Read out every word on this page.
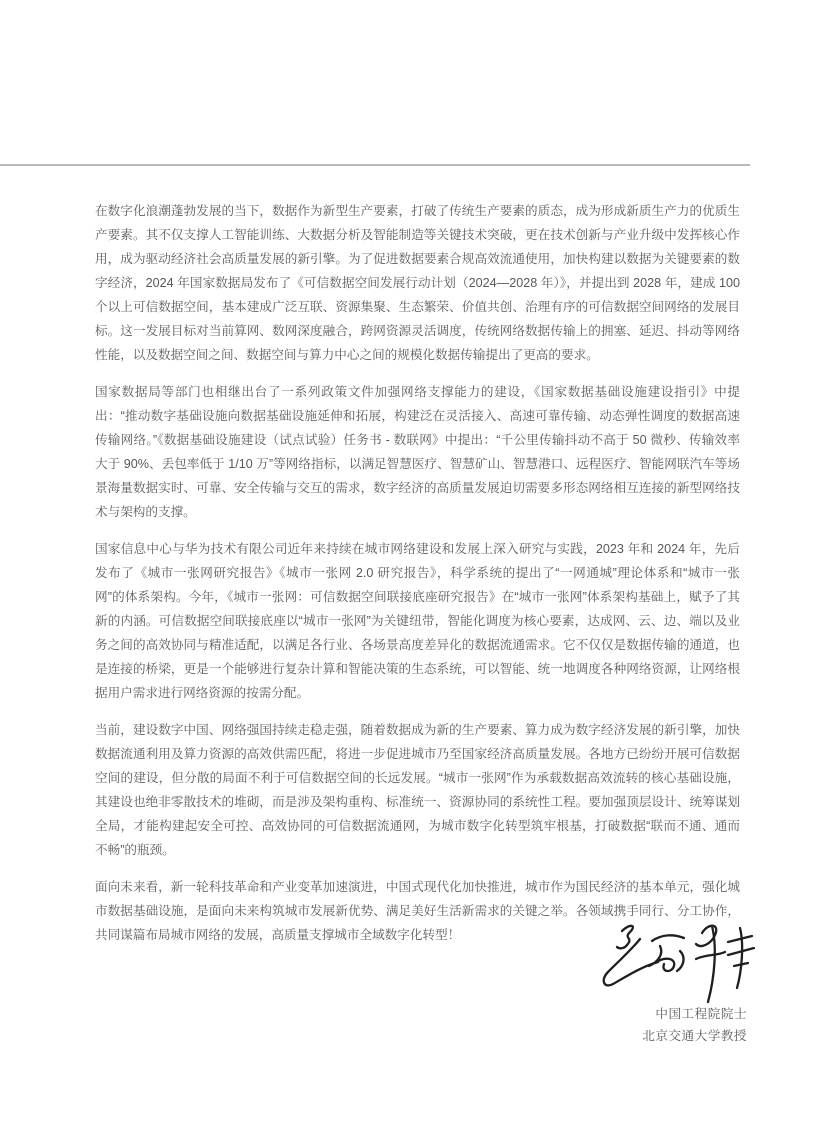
在数字化浪潮蓬勃发展的当下，数据作为新型生产要素，打破了传统生产要素的质态，成为形成新质生产力的优质生产要素。其不仅支撑人工智能训练、大数据分析及智能制造等关键技术突破，更在技术创新与产业升级中发挥核心作用，成为驱动经济社会高质量发展的新引擎。为了促进数据要素合规高效流通使用，加快构建以数据为关键要素的数字经济，2024 年国家数据局发布了《可信数据空间发展行动计划（2024—2028 年）》，并提出到 2028 年，建成 100 个以上可信数据空间，基本建成广泛互联、资源集聚、生态繁荣、价值共创、治理有序的可信数据空间网络的发展目标。这一发展目标对当前算网、数网深度融合，跨网资源灵活调度，传统网络数据传输上的拥塞、延迟、抖动等网络性能，以及数据空间之间、数据空间与算力中心之间的规模化数据传输提出了更高的要求。

国家数据局等部门也相继出台了一系列政策文件加强网络支撑能力的建设，《国家数据基础设施建设指引》中提出：“推动数字基础设施向数据基础设施延伸和拓展，构建泛在灵活接入、高速可靠传输、动态弹性调度的数据高速传输网络。”《数据基础设施建设（试点试验）任务书 - 数联网》中提出：“千公里传输抖动不高于 50 微秒、传输效率大于 90%、丢包率低于 1/10 万”等网络指标，以满足智慧医疗、智慧矿山、智慧港口、远程医疗、智能网联汽车等场景海量数据实时、可靠、安全传输与交互的需求，数字经济的高质量发展迫切需要多形态网络相互连接的新型网络技术与架构的支撑。

国家信息中心与华为技术有限公司近年来持续在城市网络建设和发展上深入研究与实践，2023 年和 2024 年，先后发布了《城市一张网研究报告》《城市一张网 2.0 研究报告》，科学系统的提出了“一网通城”理论体系和“城市一张网”的体系架构。今年，《城市一张网：可信数据空间联接底座研究报告》在“城市一张网”体系架构基础上，赋予了其新的内涵。可信数据空间联接底座以“城市一张网”为关键纽带，智能化调度为核心要素，达成网、云、边、端以及业务之间的高效协同与精准适配，以满足各行业、各场景高度差异化的数据流通需求。它不仅仅是数据传输的通道，也是连接的桥梁，更是一个能够进行复杂计算和智能决策的生态系统，可以智能、统一地调度各种网络资源，让网络根据用户需求进行网络资源的按需分配。

当前，建设数字中国、网络强国持续走稳走强，随着数据成为新的生产要素、算力成为数字经济发展的新引擎，加快数据流通利用及算力资源的高效供需匹配，将进一步促进城市乃至国家经济高质量发展。各地方已纷纷开展可信数据空间的建设，但分散的局面不利于可信数据空间的长远发展。“城市一张网”作为承载数据高效流转的核心基础设施，其建设也绝非零散技术的堆砌，而是涉及架构重构、标准统一、资源协同的系统性工程。要加强顶层设计、统筹谋划全局，才能构建起安全可控、高效协同的可信数据流通网，为城市数字化转型筑牢根基，打破数据“联而不通、通而不畅”的瓶颈。

面向未来看，新一轮科技革命和产业变革加速演进，中国式现代化加快推进，城市作为国民经济的基本单元，强化城市数据基础设施，是面向未来构筑城市发展新优势、满足美好生活新需求的关键之举。各领域携手同行、分工协作，共同谋篇布局城市网络的发展，高质量支撑城市全域数字化转型！

中国工程院院士
北京交通大学教授
